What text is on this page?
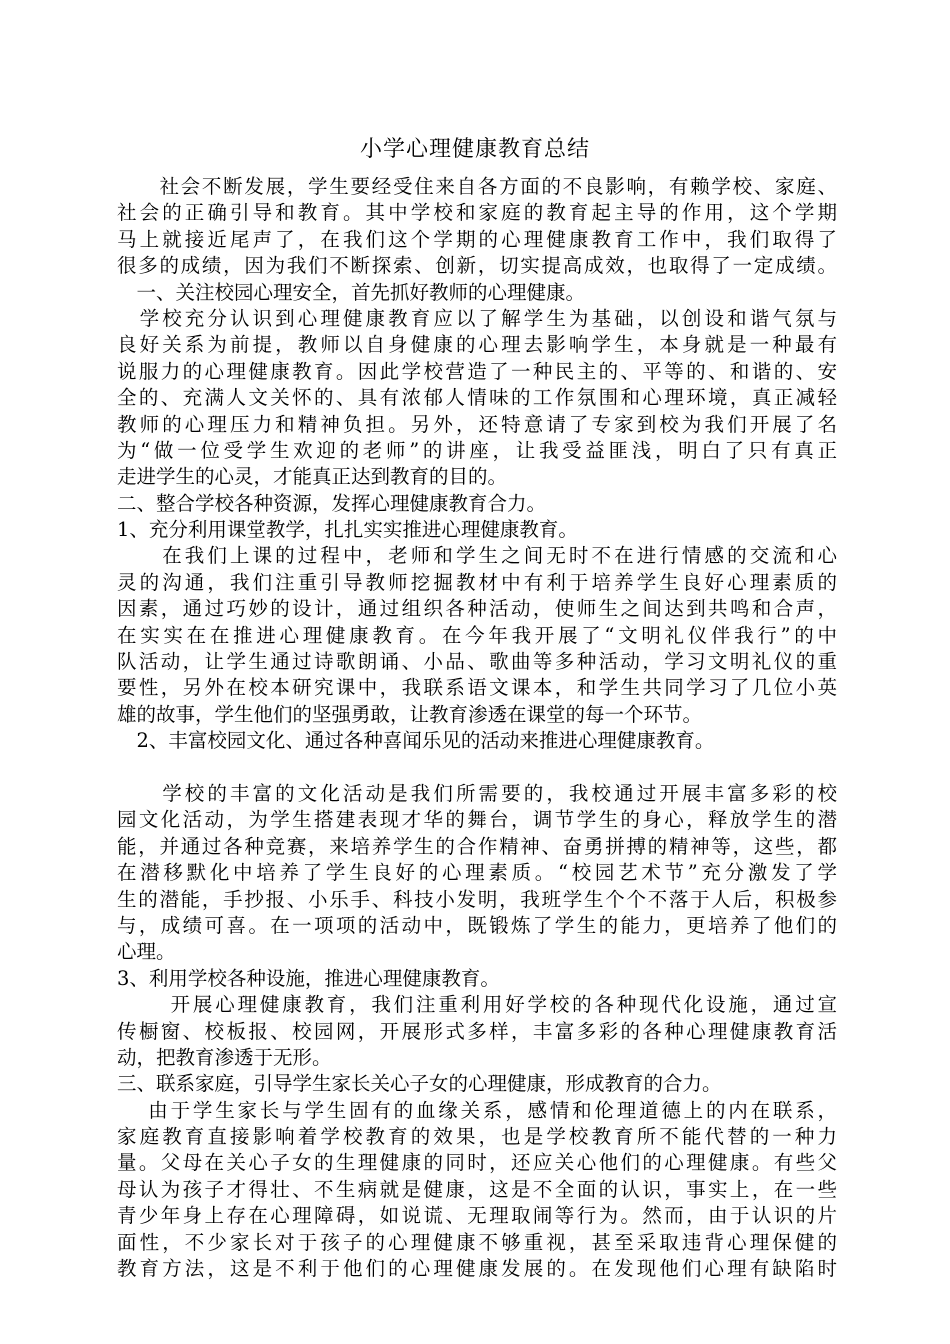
小学心理健康教育总结
　　社会不断发展，学生要经受住来自各方面的不良影响，有赖学校、家庭、
社会的正确引导和教育。其中学校和家庭的教育起主导的作用，这个学期
马上就接近尾声了，在我们这个学期的心理健康教育工作中，我们取得了
很多的成绩，因为我们不断探索、创新，切实提高成效，也取得了一定成绩。
　一、关注校园心理安全，首先抓好教师的心理健康。
　学校充分认识到心理健康教育应以了解学生为基础，以创设和谐气氛与
良好关系为前提，教师以自身健康的心理去影响学生，本身就是一种最有
说服力的心理健康教育。因此学校营造了一种民主的、平等的、和谐的、安
全的、充满人文关怀的、具有浓郁人情味的工作氛围和心理环境，真正减轻
教师的心理压力和精神负担。另外，还特意请了专家到校为我们开展了名
为“做一位受学生欢迎的老师”的讲座，让我受益匪浅，明白了只有真正
走进学生的心灵，才能真正达到教育的目的。
二、整合学校各种资源，发挥心理健康教育合力。
1、充分利用课堂教学，扎扎实实推进心理健康教育。
　　在我们上课的过程中，老师和学生之间无时不在进行情感的交流和心
灵的沟通，我们注重引导教师挖掘教材中有利于培养学生良好心理素质的
因素，通过巧妙的设计，通过组织各种活动，使师生之间达到共鸣和合声，
在实实在在推进心理健康教育。在今年我开展了“文明礼仪伴我行”的中
队活动，让学生通过诗歌朗诵、小品、歌曲等多种活动，学习文明礼仪的重
要性，另外在校本研究课中，我联系语文课本，和学生共同学习了几位小英
雄的故事，学生他们的坚强勇敢，让教育渗透在课堂的每一个环节。
　2、丰富校园文化、通过各种喜闻乐见的活动来推进心理健康教育。
　　学校的丰富的文化活动是我们所需要的，我校通过开展丰富多彩的校
园文化活动，为学生搭建表现才华的舞台，调节学生的身心，释放学生的潜
能，并通过各种竞赛，来培养学生的合作精神、奋勇拼搏的精神等，这些，都
在潜移默化中培养了学生良好的心理素质。“校园艺术节”充分激发了学
生的潜能，手抄报、小乐手、科技小发明，我班学生个个不落于人后，积极参
与，成绩可喜。在一项项的活动中，既锻炼了学生的能力，更培养了他们的
心理。
3、利用学校各种设施，推进心理健康教育。
　　 开展心理健康教育，我们注重利用好学校的各种现代化设施，通过宣
传橱窗、校板报、校园网，开展形式多样，丰富多彩的各种心理健康教育活
动，把教育渗透于无形。
三、联系家庭，引导学生家长关心子女的心理健康，形成教育的合力。
　 由于学生家长与学生固有的血缘关系，感情和伦理道德上的内在联系，
家庭教育直接影响着学校教育的效果，也是学校教育所不能代替的一种力
量。父母在关心子女的生理健康的同时，还应关心他们的心理健康。有些父
母认为孩子才得壮、不生病就是健康，这是不全面的认识，事实上，在一些
青少年身上存在心理障碍，如说谎、无理取闹等行为。然而，由于认识的片
面性，不少家长对于孩子的心理健康不够重视，甚至采取违背心理保健的
教育方法，这是不利于他们的心理健康发展的。在发现他们心理有缺陷时
